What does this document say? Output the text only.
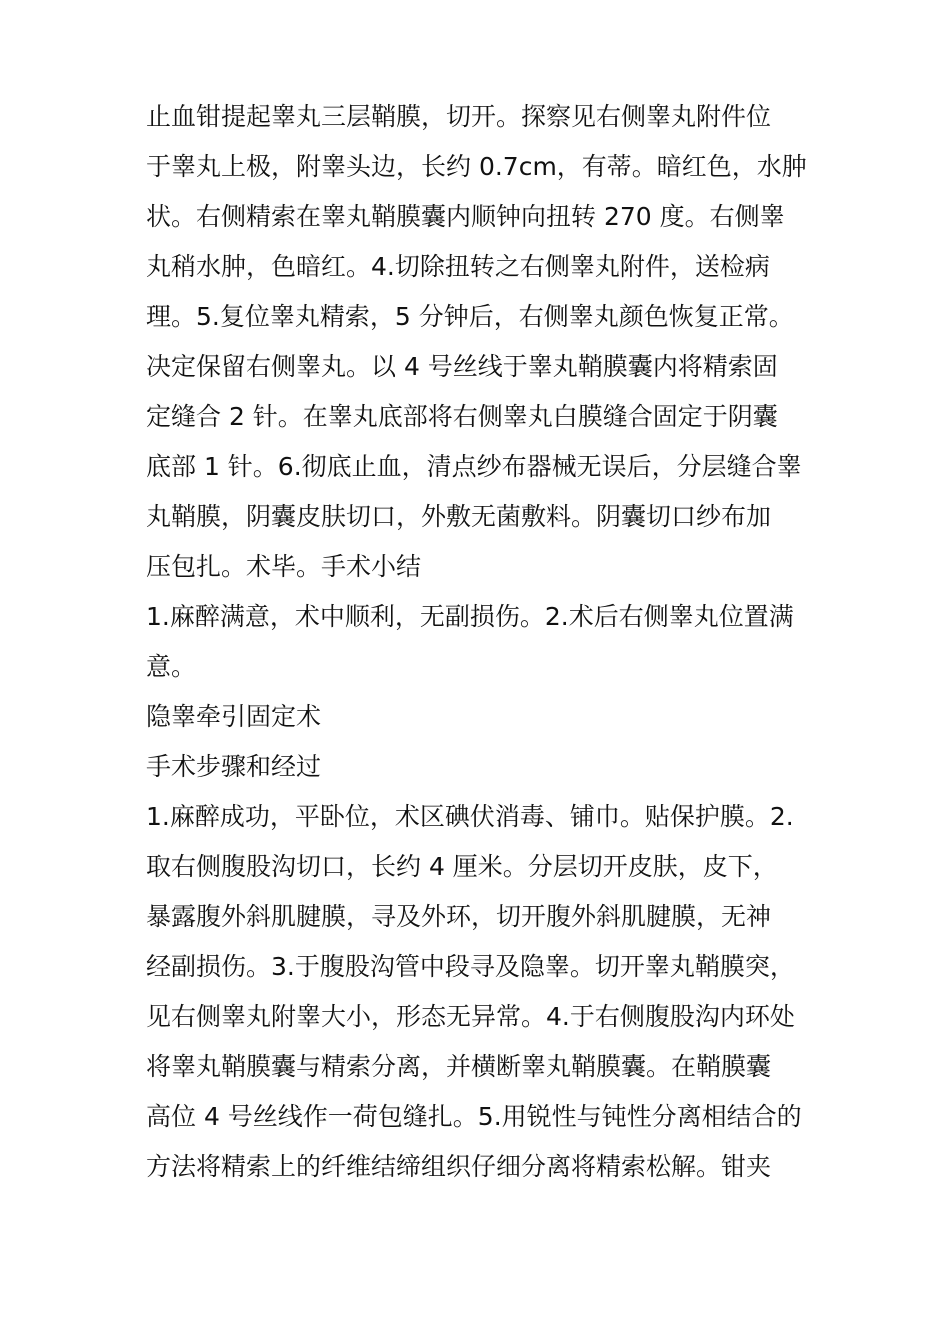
止血钳提起睾丸三层鞘膜，切开。探察见右侧睾丸附件位
于睾丸上极，附睾头边，长约 0.7cm，有蒂。暗红色，水肿
状。右侧精索在睾丸鞘膜囊内顺钟向扭转 270 度。右侧睾
丸稍水肿，色暗红。4.切除扭转之右侧睾丸附件，送检病
理。5.复位睾丸精索，5 分钟后，右侧睾丸颜色恢复正常。
决定保留右侧睾丸。以 4 号丝线于睾丸鞘膜囊内将精索固
定缝合 2 针。在睾丸底部将右侧睾丸白膜缝合固定于阴囊
底部 1 针。6.彻底止血，清点纱布器械无误后，分层缝合睾
丸鞘膜，阴囊皮肤切口，外敷无菌敷料。阴囊切口纱布加
压包扎。术毕。手术小结
1.麻醉满意，术中顺利，无副损伤。2.术后右侧睾丸位置满
意。
隐睾牵引固定术
手术步骤和经过
1.麻醉成功，平卧位，术区碘伏消毒、铺巾。贴保护膜。2.
取右侧腹股沟切口，长约 4 厘米。分层切开皮肤，皮下，
暴露腹外斜肌腱膜，寻及外环，切开腹外斜肌腱膜，无神
经副损伤。3.于腹股沟管中段寻及隐睾。切开睾丸鞘膜突，
见右侧睾丸附睾大小，形态无异常。4.于右侧腹股沟内环处
将睾丸鞘膜囊与精索分离，并横断睾丸鞘膜囊。在鞘膜囊
高位 4 号丝线作一荷包缝扎。5.用锐性与钝性分离相结合的
方法将精索上的纤维结缔组织仔细分离将精索松解。钳夹
